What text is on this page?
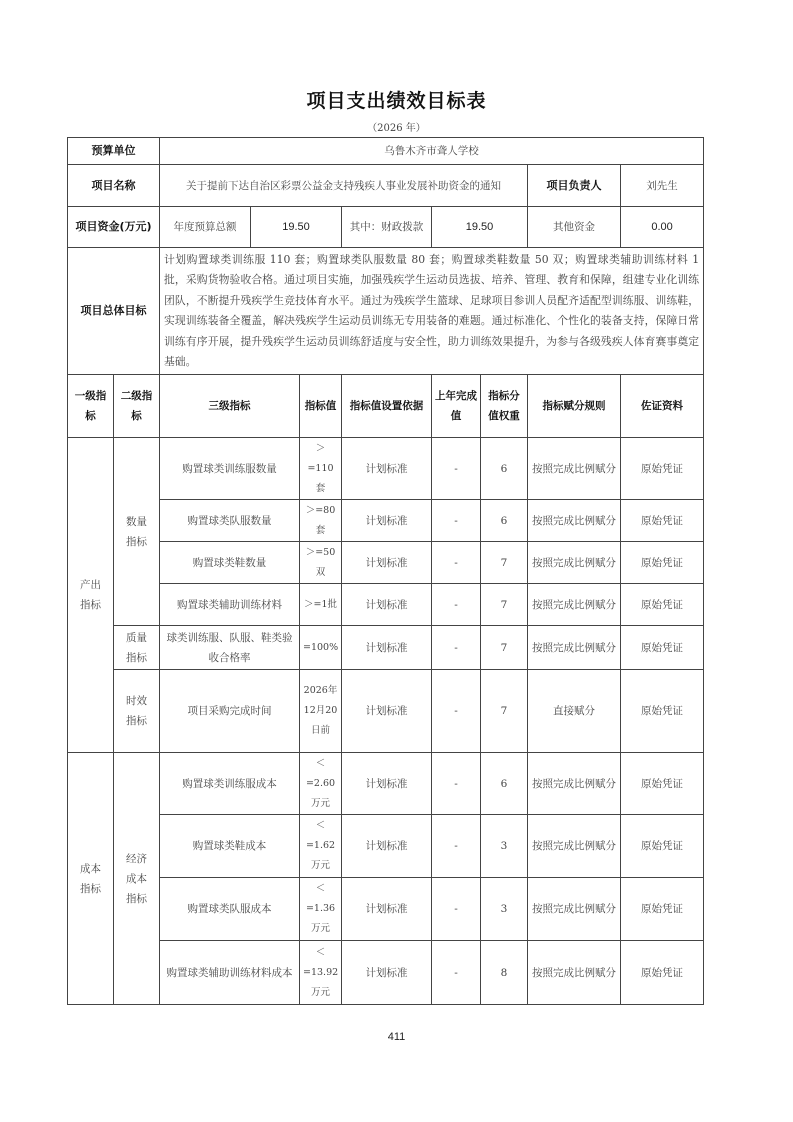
项目支出绩效目标表
（2026 年）
预算单位		乌鲁木齐市聋人学校							
项目名称		关于提前下达自治区彩票公益金支持残疾人事业发展补助资金的通知						项目负责人	刘先生
项目资金(万元)		年度预算总额	19.50		其中：财政拨款	19.50		其他资金	0.00
项目总体目标		计划购置球类训练服 110 套；购置球类队服数量 80 套；购置球类鞋数量 50 双；购置球类辅助训练材料 1 批，采购货物验收合格。通过项目实施，加强残疾学生运动员选拔、培养、管理、教育和保障，组建专业化训练团队，不断提升残疾学生竞技体育水平。通过为残疾学生篮球、足球项目参训人员配齐适配型训练服、训练鞋，实现训练装备全覆盖，解决残疾学生运动员训练无专用装备的难题。通过标准化、个性化的装备支持，保障日常训练有序开展，提升残疾学生运动员训练舒适度与安全性，助力训练效果提升，为参与各级残疾人体育赛事奠定基础。							
一级指标	二级指标	三级指标		指标值	指标值设置依据	上年完成值	指标分值权重	指标赋分规则	佐证资料
产出指标	数量指标	购置球类训练服数量		＞=110套	计划标准	-	6	按照完成比例赋分	原始凭证
		购置球类队服数量		＞=80套	计划标准	-	6	按照完成比例赋分	原始凭证
		购置球类鞋数量		＞=50双	计划标准	-	7	按照完成比例赋分	原始凭证
		购置球类辅助训练材料		＞=1批	计划标准	-	7	按照完成比例赋分	原始凭证
	质量指标	球类训练服、队服、鞋类验收合格率		=100%	计划标准	-	7	按照完成比例赋分	原始凭证
	时效指标	项目采购完成时间		2026年12月20日前	计划标准	-	7	直接赋分	原始凭证
成本指标	经济成本指标	购置球类训练服成本		＜=2.60万元	计划标准	-	6	按照完成比例赋分	原始凭证
		购置球类鞋成本		＜=1.62万元	计划标准	-	3	按照完成比例赋分	原始凭证
		购置球类队服成本		＜=1.36万元	计划标准	-	3	按照完成比例赋分	原始凭证
		购置球类辅助训练材料成本		＜=13.92万元	计划标准	-	8	按照完成比例赋分	原始凭证
411
